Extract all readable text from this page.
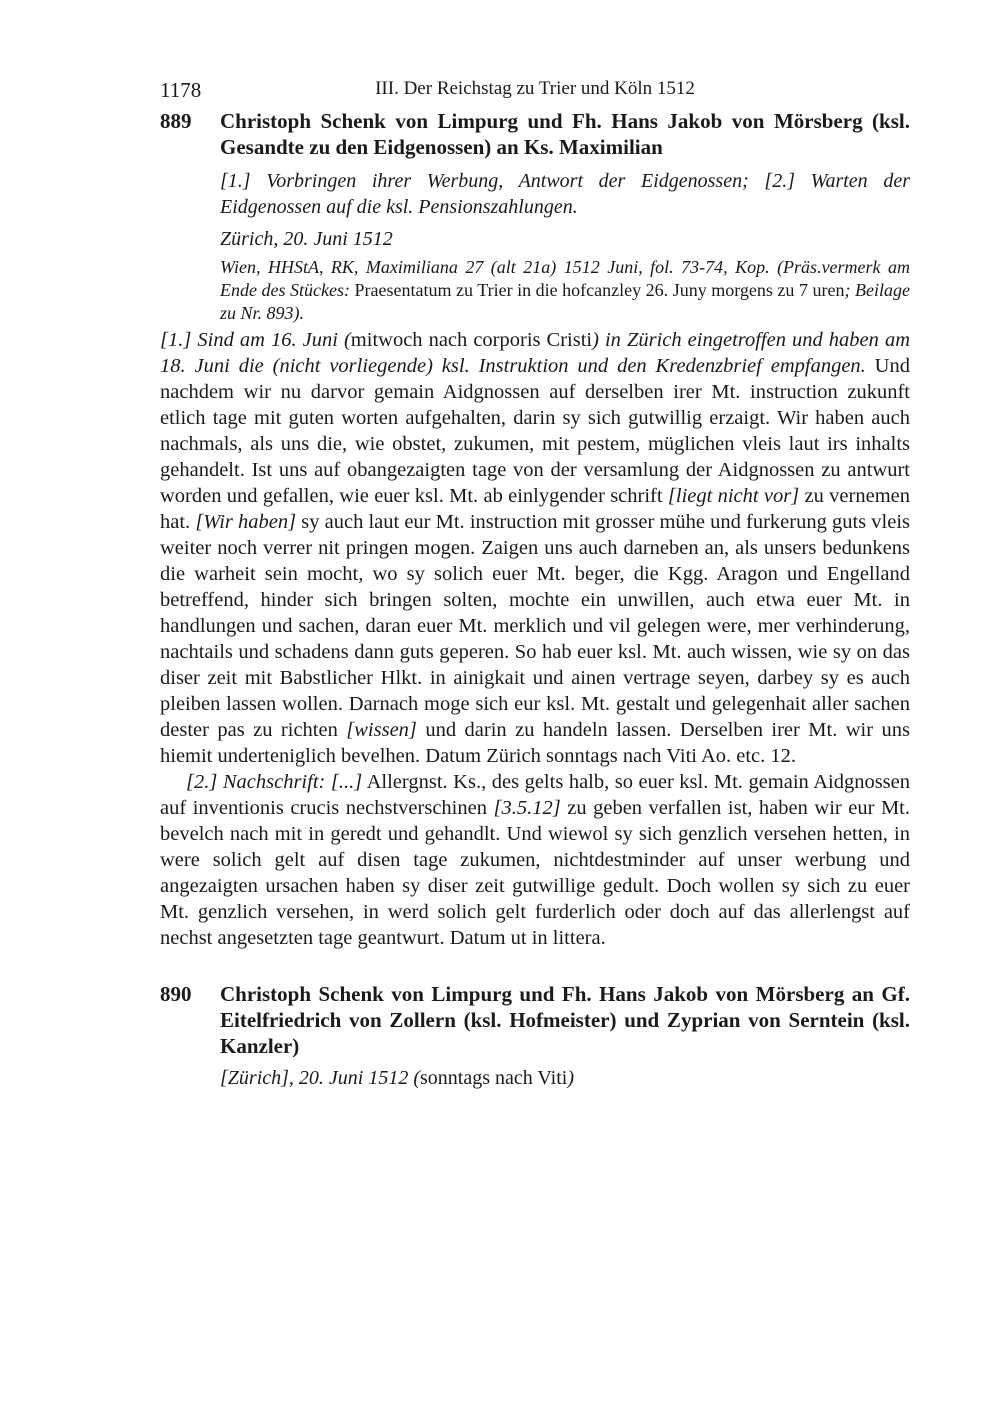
1178	III. Der Reichstag zu Trier und Köln 1512
889 Christoph Schenk von Limpurg und Fh. Hans Jakob von Mörsberg (ksl. Gesandte zu den Eidgenossen) an Ks. Maximilian
[1.] Vorbringen ihrer Werbung, Antwort der Eidgenossen; [2.] Warten der Eidgenossen auf die ksl. Pensionszahlungen.
Zürich, 20. Juni 1512
Wien, HHStA, RK, Maximiliana 27 (alt 21a) 1512 Juni, fol. 73-74, Kop. (Präs.vermerk am Ende des Stückes: Praesentatum zu Trier in die hofcanzley 26. Juny morgens zu 7 uren; Beilage zu Nr. 893).

[1.] Sind am 16. Juni (mitwoch nach corporis Cristi) in Zürich eingetroffen und haben am 18. Juni die (nicht vorliegende) ksl. Instruktion und den Kredenzbrief empfangen. Und nachdem wir nu darvor gemain Aidgnossen auf derselben irer Mt. instruction zukunft etlich tage mit guten worten aufgehalten, darin sy sich gutwillig erzaigt. Wir haben auch nachmals, als uns die, wie obstet, zukumen, mit pestem, müglichen vleis laut irs inhalts gehandelt. Ist uns auf obangezaigten tage von der versamlung der Aidgnossen zu antwurt worden und gefallen, wie euer ksl. Mt. ab einlygender schrift [liegt nicht vor] zu vernemen hat. [Wir haben] sy auch laut eur Mt. instruction mit grosser mühe und furkerung guts vleis weiter noch verrer nit pringen mogen. Zaigen uns auch darneben an, als unsers bedunkens die warheit sein mocht, wo sy solich euer Mt. beger, die Kgg. Aragon und Engelland betreffend, hinder sich bringen solten, mochte ein unwillen, auch etwa euer Mt. in handlungen und sachen, daran euer Mt. merklich und vil gelegen were, mer verhinderung, nachtails und schadens dann guts geperen. So hab euer ksl. Mt. auch wissen, wie sy on das diser zeit mit Babstlicher Hlkt. in ainigkait und ainen vertrage seyen, darbey sy es auch pleiben lassen wollen. Darnach moge sich eur ksl. Mt. gestalt und gelegenhait aller sachen dester pas zu richten [wissen] und darin zu handeln lassen. Derselben irer Mt. wir uns hiemit underteniglich bevelhen. Datum Zürich sonntags nach Viti Ao. etc. 12.

[2.] Nachschrift: [...] Allergnst. Ks., des gelts halb, so euer ksl. Mt. gemain Aidgnossen auf inventionis crucis nechstverschinen [3.5.12] zu geben verfallen ist, haben wir eur Mt. bevelch nach mit in geredt und gehandlt. Und wiewol sy sich genzlich versehen hetten, in were solich gelt auf disen tage zukumen, nichtdestminder auf unser werbung und angezaigten ursachen haben sy diser zeit gutwillige gedult. Doch wollen sy sich zu euer Mt. genzlich versehen, in werd solich gelt furderlich oder doch auf das allerlengst auf nechst angesetzten tage geantwurt. Datum ut in littera.

890 Christoph Schenk von Limpurg und Fh. Hans Jakob von Mörsberg an Gf. Eitelfriedrich von Zollern (ksl. Hofmeister) und Zyprian von Serntein (ksl. Kanzler)
[Zürich], 20. Juni 1512 (sonntags nach Viti)
